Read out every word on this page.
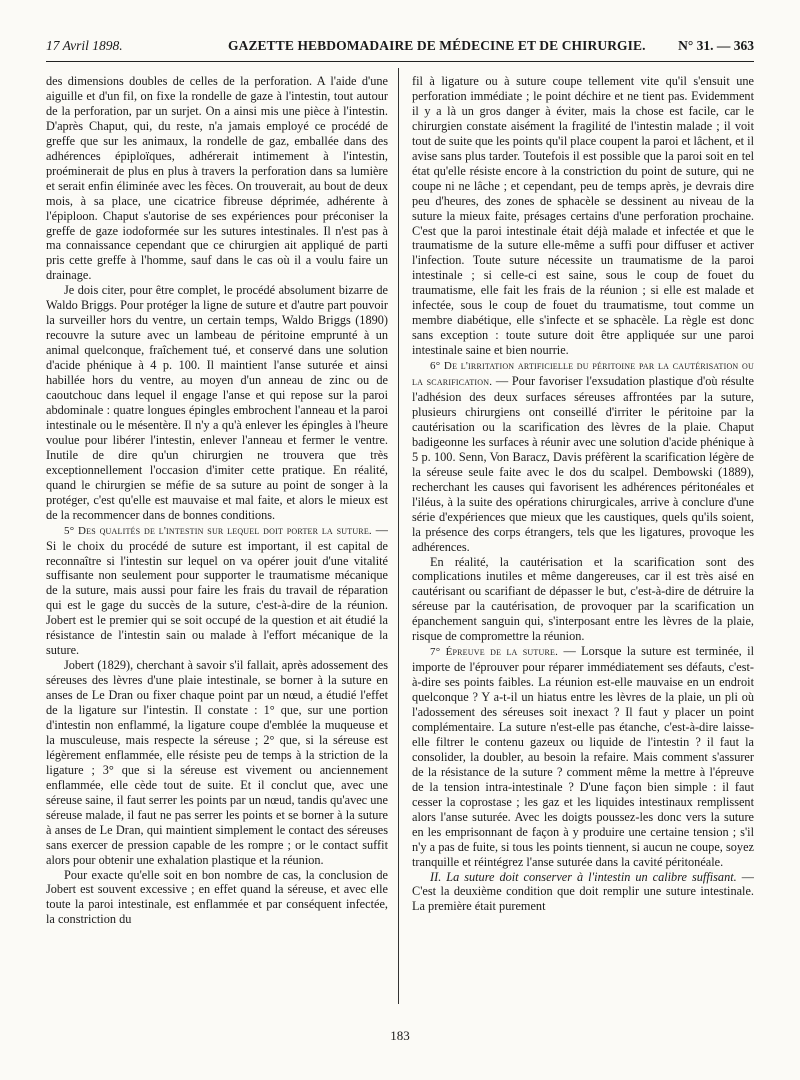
17 Avril 1898.	GAZETTE HEBDOMADAIRE DE MÉDECINE ET DE CHIRURGIE. N° 31. — 363

des dimensions doubles de celles de la perforation. A l'aide d'une aiguille et d'un fil, on fixe la rondelle de gaze à l'intestin, tout autour de la perforation, par un surjet. On a ainsi mis une pièce à l'intestin. D'après Chaput, qui, du reste, n'a jamais employé ce procédé de greffe que sur les animaux, la rondelle de gaz, emballée dans des adhérences épiploïques, adhérerait intimement à l'intestin, proéminerait de plus en plus à travers la perforation dans sa lumière et serait enfin éliminée avec les fèces. On trouverait, au bout de deux mois, à sa place, une cicatrice fibreuse déprimée, adhérente à l'épiploon. Chaput s'autorise de ses expériences pour préconiser la greffe de gaze iodoformée sur les sutures intestinales. Il n'est pas à ma connaissance cependant que ce chirurgien ait appliqué de parti pris cette greffe à l'homme, sauf dans le cas où il a voulu faire un drainage.

Je dois citer, pour être complet, le procédé absolument bizarre de Waldo Briggs. Pour protéger la ligne de suture et d'autre part pouvoir la surveiller hors du ventre, un certain temps, Waldo Briggs (1890) recouvre la suture avec un lambeau de péritoine emprunté à un animal quelconque, fraîchement tué, et conservé dans une solution d'acide phénique à 4 p. 100. Il maintient l'anse suturée et ainsi habillée hors du ventre, au moyen d'un anneau de zinc ou de caoutchouc dans lequel il engage l'anse et qui repose sur la paroi abdominale : quatre longues épingles embrochent l'anneau et la paroi intestinale ou le mésentère. Il n'y a qu'à enlever les épingles à l'heure voulue pour libérer l'intestin, enlever l'anneau et fermer le ventre. Inutile de dire qu'un chirurgien ne trouvera que très exceptionnellement l'occasion d'imiter cette pratique. En réalité, quand le chirurgien se méfie de sa suture au point de songer à la protéger, c'est qu'elle est mauvaise et mal faite, et alors le mieux est de la recommencer dans de bonnes conditions.

5° Des qualités de l'intestin sur lequel doit porter la suture. — Si le choix du procédé de suture est important, il est capital de reconnaître si l'intestin sur lequel on va opérer jouit d'une vitalité suffisante non seulement pour supporter le traumatisme mécanique de la suture, mais aussi pour faire les frais du travail de réparation qui est le gage du succès de la suture, c'est-à-dire de la réunion. Jobert est le premier qui se soit occupé de la question et ait étudié la résistance de l'intestin sain ou malade à l'effort mécanique de la suture.

Jobert (1829), cherchant à savoir s'il fallait, après adossement des séreuses des lèvres d'une plaie intestinale, se borner à la suture en anses de Le Dran ou fixer chaque point par un nœud, a étudié l'effet de la ligature sur l'intestin. Il constate : 1° que, sur une portion d'intestin non enflammé, la ligature coupe d'emblée la muqueuse et la musculeuse, mais respecte la séreuse ; 2° que, si la séreuse est légèrement enflammée, elle résiste peu de temps à la striction de la ligature ; 3° que si la séreuse est vivement ou anciennement enflammée, elle cède tout de suite. Et il conclut que, avec une séreuse saine, il faut serrer les points par un nœud, tandis qu'avec une séreuse malade, il faut ne pas serrer les points et se borner à la suture à anses de Le Dran, qui maintient simplement le contact des séreuses sans exercer de pression capable de les rompre ; or le contact suffit alors pour obtenir une exhalation plastique et la réunion.

Pour exacte qu'elle soit en bon nombre de cas, la conclusion de Jobert est souvent excessive ; en effet quand la séreuse, et avec elle toute la paroi intestinale, est enflammée et par conséquent infectée, la constriction du

fil à ligature ou à suture coupe tellement vite qu'il s'ensuit une perforation immédiate ; le point déchire et ne tient pas. Evidemment il y a là un gros danger à éviter, mais la chose est facile, car le chirurgien constate aisément la fragilité de l'intestin malade ; il voit tout de suite que les points qu'il place coupent la paroi et lâchent, et il avise sans plus tarder. Toutefois il est possible que la paroi soit en tel état qu'elle résiste encore à la constriction du point de suture, qui ne coupe ni ne lâche ; et cependant, peu de temps après, je devrais dire peu d'heures, des zones de sphacèle se dessinent au niveau de la suture la mieux faite, présages certains d'une perforation prochaine. C'est que la paroi intestinale était déjà malade et infectée et que le traumatisme de la suture elle-même a suffi pour diffuser et activer l'infection. Toute suture nécessite un traumatisme de la paroi intestinale ; si celle-ci est saine, sous le coup de fouet du traumatisme, elle fait les frais de la réunion ; si elle est malade et infectée, sous le coup de fouet du traumatisme, tout comme un membre diabétique, elle s'infecte et se sphacèle. La règle est donc sans exception : toute suture doit être appliquée sur une paroi intestinale saine et bien nourrie.

6° De l'irritation artificielle du péritoine par la cautérisation ou la scarification. — Pour favoriser l'exsudation plastique d'où résulte l'adhésion des deux surfaces séreuses affrontées par la suture, plusieurs chirurgiens ont conseillé d'irriter le péritoine par la cautérisation ou la scarification des lèvres de la plaie. Chaput badigeonne les surfaces à réunir avec une solution d'acide phénique à 5 p. 100. Senn, Von Baracz, Davis préfèrent la scarification légère de la séreuse seule faite avec le dos du scalpel. Dembowski (1889), recherchant les causes qui favorisent les adhérences péritonéales et l'iléus, à la suite des opérations chirurgicales, arrive à conclure d'une série d'expériences que mieux que les caustiques, quels qu'ils soient, la présence des corps étrangers, tels que les ligatures, provoque les adhérences.

En réalité, la cautérisation et la scarification sont des complications inutiles et même dangereuses, car il est très aisé en cautérisant ou scarifiant de dépasser le but, c'est-à-dire de détruire la séreuse par la cautérisation, de provoquer par la scarification un épanchement sanguin qui, s'interposant entre les lèvres de la plaie, risque de compromettre la réunion.

7° Épreuve de la suture. — Lorsque la suture est terminée, il importe de l'éprouver pour réparer immédiatement ses défauts, c'est-à-dire ses points faibles. La réunion est-elle mauvaise en un endroit quelconque ? Y a-t-il un hiatus entre les lèvres de la plaie, un pli où l'adossement des séreuses soit inexact ? Il faut y placer un point complémentaire. La suture n'est-elle pas étanche, c'est-à-dire laisse-elle filtrer le contenu gazeux ou liquide de l'intestin ? il faut la consolider, la doubler, au besoin la refaire. Mais comment s'assurer de la résistance de la suture ? comment même la mettre à l'épreuve de la tension intra-intestinale ? D'une façon bien simple : il faut cesser la coprostase ; les gaz et les liquides intestinaux remplissent alors l'anse suturée. Avec les doigts poussez-les donc vers la suture en les emprisonnant de façon à y produire une certaine tension ; s'il n'y a pas de fuite, si tous les points tiennent, si aucun ne coupe, soyez tranquille et réintégrez l'anse suturée dans la cavité péritonéale.

II. La suture doit conserver à l'intestin un calibre suffisant. — C'est la deuxième condition que doit remplir une suture intestinale. La première était purement

183
